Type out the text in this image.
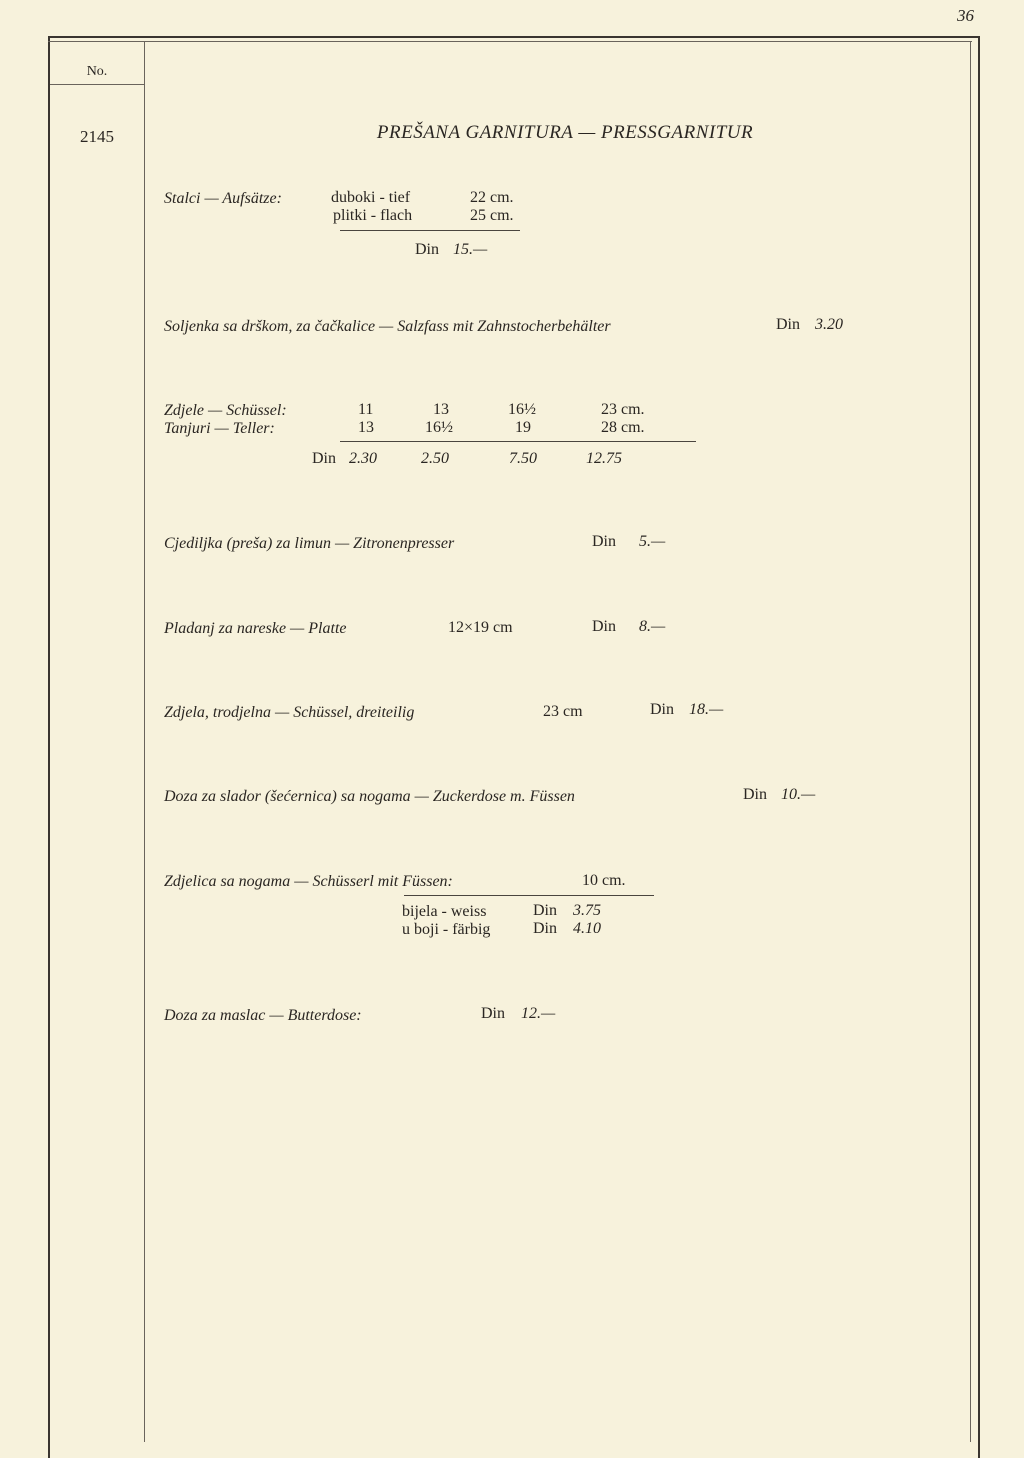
36
No.
2145	PREŠANA GARNITURA — PRESSGARNITUR
Stalci — Aufsätze:	duboki - tief	22 cm.
plitki - flach	25 cm.
Din 15.—
Soljenka sa drškom, za čačkalice — Salzfass mit Zahnstocherbehälter	Din 3.20
Zdjele — Schüssel:	11	13	16½	23 cm.
Tanjuri — Teller:	13	16½	19	28 cm.
Din 2.30	2.50	7.50	12.75
Cjediljka (preša) za limun — Zitronenpresser	Din 5.—
Pladanj za nareske — Platte	12×19 cm	Din 8.—
Zdjela, trodjelna — Schüssel, dreiteilig	23 cm	Din 18.—
Doza za slador (šećernica) sa nogama — Zuckerdose m. Füssen	Din 10.—
Zdjelica sa nogama — Schüsserl mit Füssen:	10 cm.
bijela - weiss	Din 3.75
u boji - färbig	Din 4.10
Doza za maslac — Butterdose:	Din 12.—
